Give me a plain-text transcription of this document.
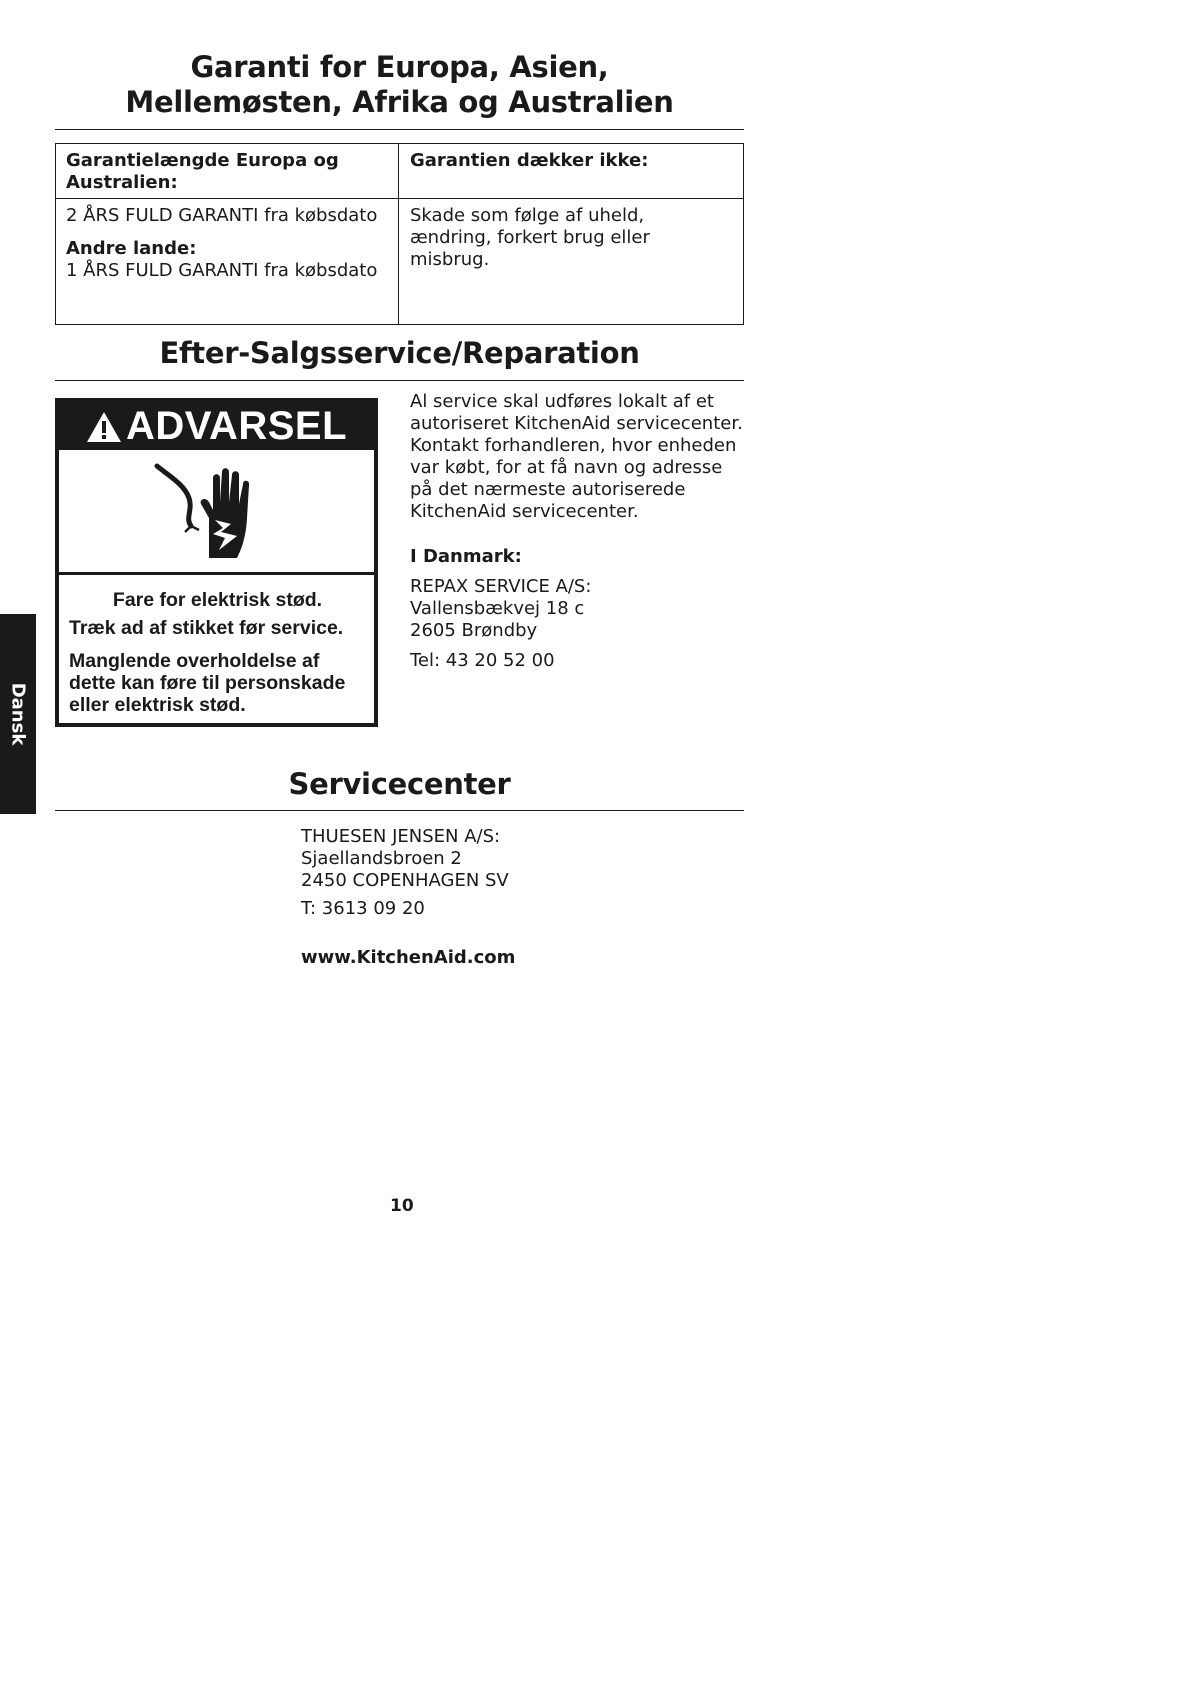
Garanti for Europa, Asien,
Mellemøsten, Afrika og Australien
Garantielængde Europa og Australien:
Garantien dækker ikke:
2 ÅRS FULD GARANTI fra købsdato
Andre lande:
1 ÅRS FULD GARANTI fra købsdato
Skade som følge af uheld, ændring, forkert brug eller misbrug.
Efter-Salgsservice/Reparation
ADVARSEL
Fare for elektrisk stød.
Træk ad af stikket før service.
Manglende overholdelse af dette kan føre til personskade eller elektrisk stød.
Al service skal udføres lokalt af et autoriseret KitchenAid servicecenter. Kontakt forhandleren, hvor enheden var købt, for at få navn og adresse på det nærmeste autoriserede KitchenAid servicecenter.
I Danmark:
REPAX SERVICE A/S:
Vallensbækvej 18 c
2605 Brøndby
Tel: 43 20 52 00
Dansk
Servicecenter
THUESEN JENSEN A/S:
Sjaellandsbroen 2
2450 COPENHAGEN SV
T: 3613 09 20
www.KitchenAid.com
10
